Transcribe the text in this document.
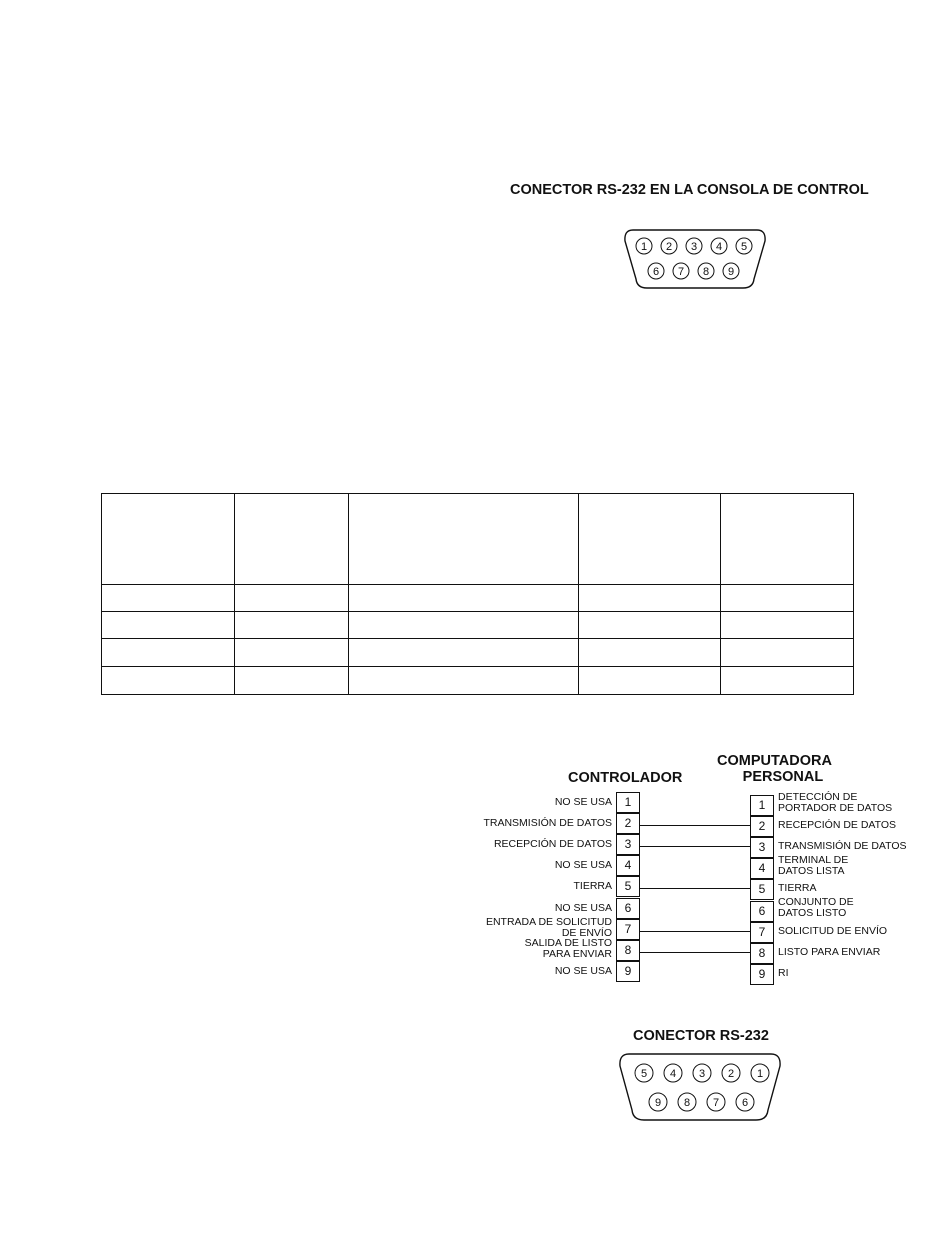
CONECTOR RS-232 EN LA CONSOLA DE CONTROL
1 2 3 4 5
6 7 8 9
5 4 3 2 1
9 8 7 6

CONTROLADOR
COMPUTADORA
PERSONAL
1
NO SE USA
2
TRANSMISIÓN DE DATOS
3
RECEPCIÓN DE DATOS
4
NO SE USA
5
TIERRA
6
NO SE USA
7
ENTRADA DE SOLICITUD
DE ENVÍO
8
SALIDA DE LISTO
PARA ENVIAR
9
NO SE USA
1
DETECCIÓN DE
PORTADOR DE DATOS
2	RECEPCIÓN DE DATOS
3	TRANSMISIÓN DE DATOS
4
TERMINAL DE
DATOS LISTA
5	TIERRA
6
CONJUNTO DE
DATOS LISTO
7	SOLICITUD DE ENVÍO
8	LISTO PARA ENVIAR
9	RI
CONECTOR RS-232
